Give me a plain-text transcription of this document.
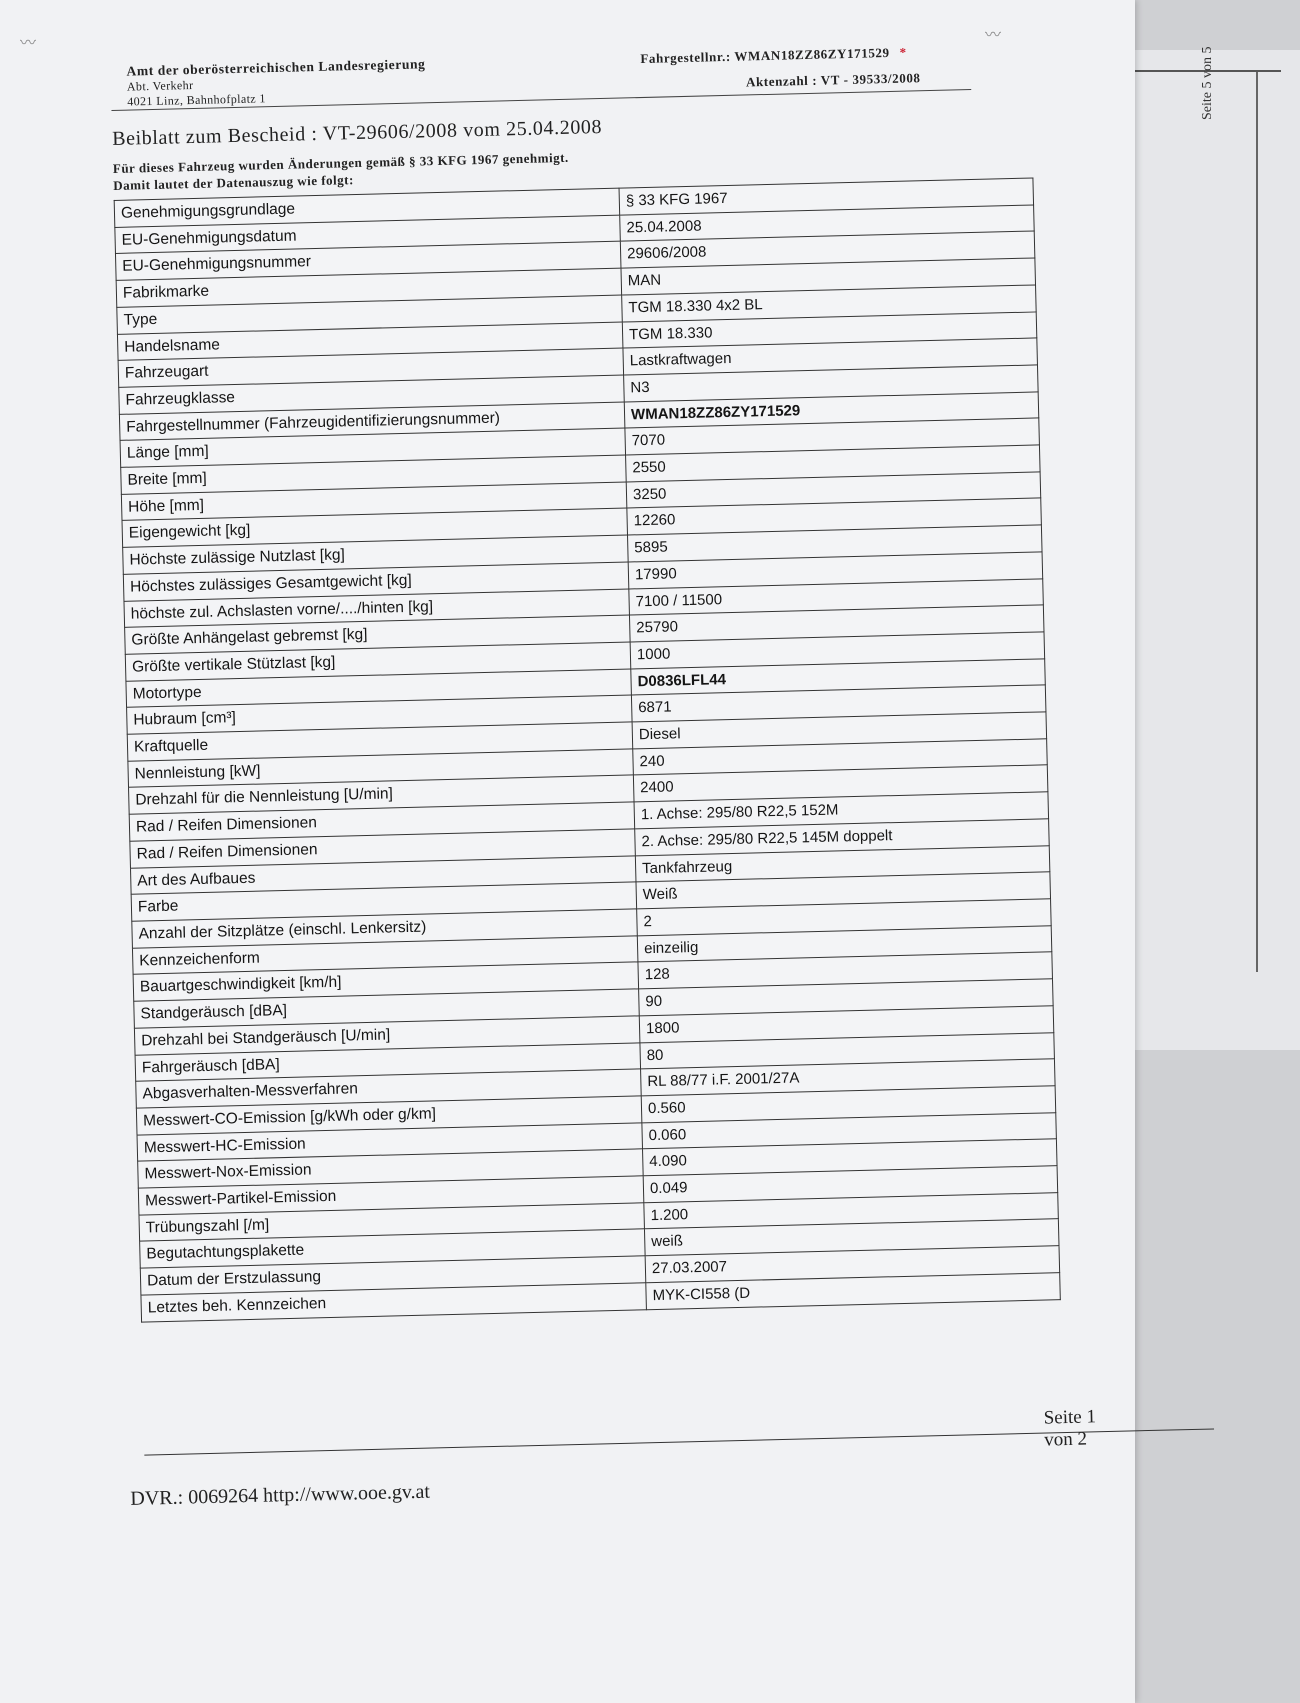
Seite 5 von 5
〰	〰
Amt der oberösterreichischen Landesregierung
Abt. Verkehr
4021 Linz, Bahnhofplatz 1
Fahrgestellnr.: WMAN18ZZ86ZY171529 *
Aktenzahl : VT - 39533/2008
Beiblatt zum Bescheid : VT-29606/2008 vom 25.04.2008
Für dieses Fahrzeug wurden Änderungen gemäß § 33 KFG 1967 genehmigt.
Damit lautet der Datenauszug wie folgt:
Genehmigungsgrundlage	§ 33 KFG 1967
EU-Genehmigungsdatum	25.04.2008
EU-Genehmigungsnummer	29606/2008
Fabrikmarke	MAN
Type	TGM 18.330 4x2 BL
Handelsname	TGM 18.330
Fahrzeugart	Lastkraftwagen
Fahrzeugklasse	N3
Fahrgestellnummer (Fahrzeugidentifizierungsnummer)	WMAN18ZZ86ZY171529
Länge [mm]	7070
Breite [mm]	2550
Höhe [mm]	3250
Eigengewicht [kg]	12260
Höchste zulässige Nutzlast [kg]	5895
Höchstes zulässiges Gesamtgewicht [kg]	17990
höchste zul. Achslasten vorne/..../hinten [kg]	7100 / 11500
Größte Anhängelast gebremst [kg]	25790
Größte vertikale Stützlast [kg]	1000
Motortype	D0836LFL44
Hubraum [cm³]	6871
Kraftquelle	Diesel
Nennleistung [kW]	240
Drehzahl für die Nennleistung [U/min]	2400
Rad / Reifen Dimensionen	1. Achse: 295/80 R22,5 152M
Rad / Reifen Dimensionen	2. Achse: 295/80 R22,5 145M doppelt
Art des Aufbaues	Tankfahrzeug
Farbe	Weiß
Anzahl der Sitzplätze (einschl. Lenkersitz)	2
Kennzeichenform	einzeilig
Bauartgeschwindigkeit [km/h]	128
Standgeräusch [dBA]	90
Drehzahl bei Standgeräusch [U/min]	1800
Fahrgeräusch [dBA]	80
Abgasverhalten-Messverfahren	RL 88/77 i.F. 2001/27A
Messwert-CO-Emission [g/kWh oder g/km]	0.560
Messwert-HC-Emission	0.060
Messwert-Nox-Emission	4.090
Messwert-Partikel-Emission	0.049
Trübungszahl [/m]	1.200
Begutachtungsplakette	weiß
Datum der Erstzulassung	27.03.2007
Letztes beh. Kennzeichen	MYK-CI558 (D
Seite 1 von 2
DVR.: 0069264 http://www.ooe.gv.at
